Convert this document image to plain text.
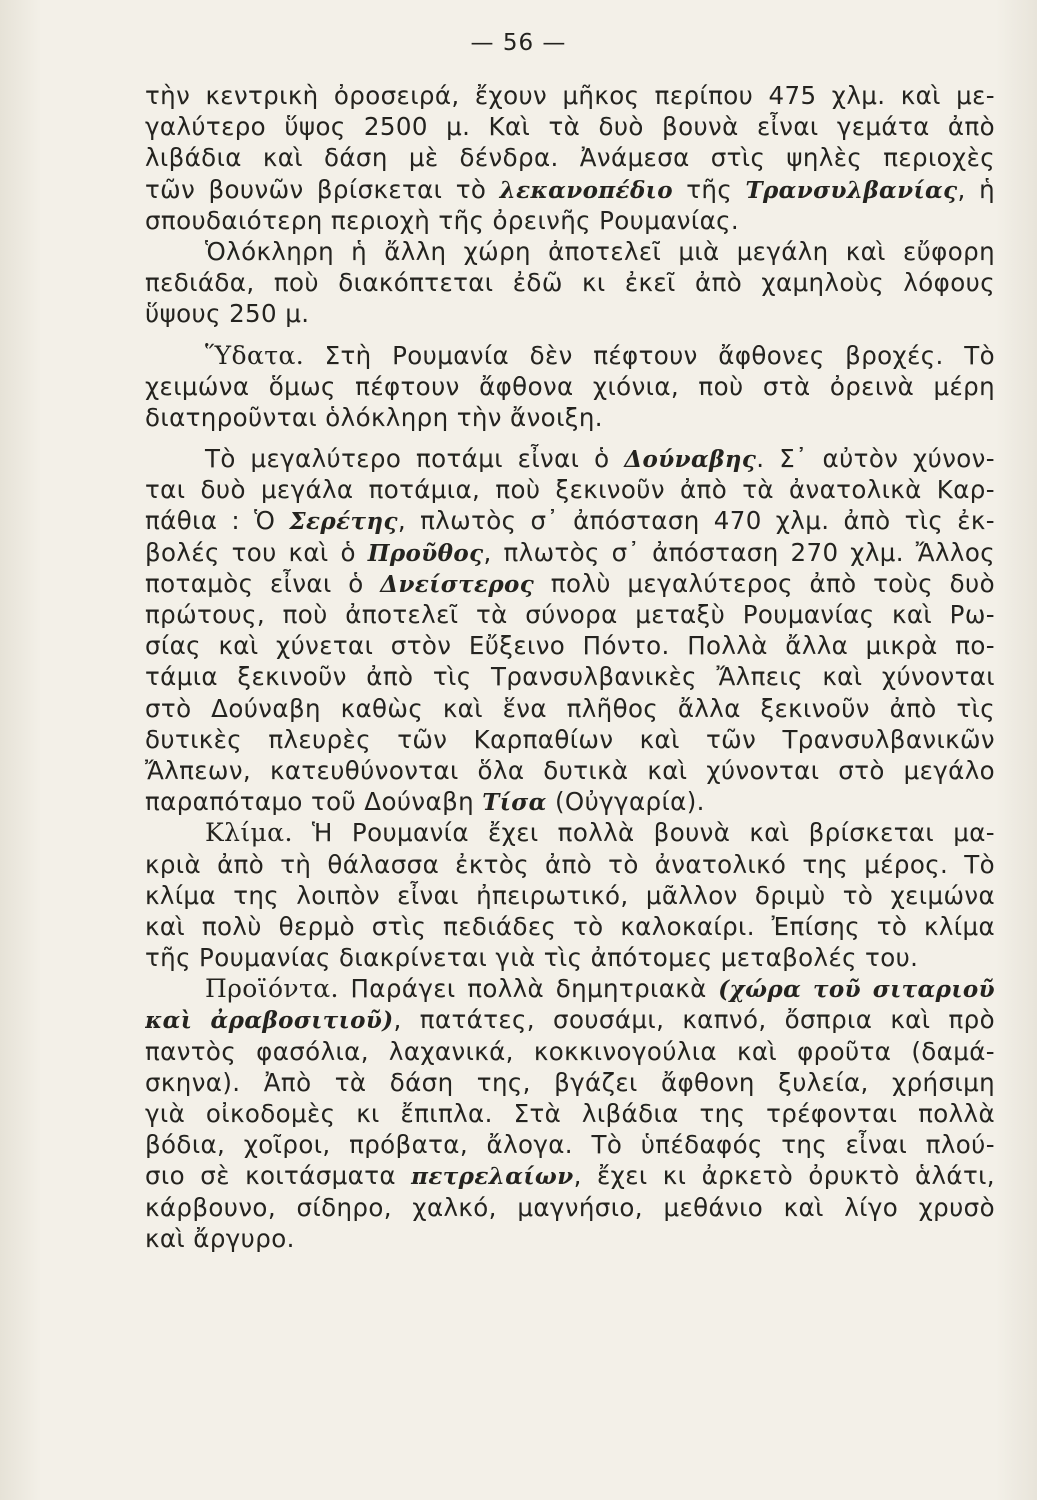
— 56 —
τὴν κεντρικὴ ὀροσειρά, ἔχουν μῆκος περίπου 475 χλμ. καὶ με-
γαλύτερο ὕψος 2500 μ. Καὶ τὰ δυὸ βουνὰ εἶναι γεμάτα ἀπὸ
λιβάδια καὶ δάση μὲ δένδρα. Ἀνάμεσα στὶς ψηλὲς περιοχὲς
τῶν βουνῶν βρίσκεται τὸ λεκανοπέδιο τῆς Τρανσυλβανίας, ἡ
σπουδαιότερη περιοχὴ τῆς ὀρεινῆς Ρουμανίας.
Ὁλόκληρη ἡ ἄλλη χώρη ἀποτελεῖ μιὰ μεγάλη καὶ εὔφορη
πεδιάδα, ποὺ διακόπτεται ἐδῶ κι ἐκεῖ ἀπὸ χαμηλοὺς λόφους
ὕψους 250 μ.
Ὕδατα. Στὴ Ρουμανία δὲν πέφτουν ἄφθονες βροχές. Τὸ
χειμώνα ὅμως πέφτουν ἄφθονα χιόνια, ποὺ στὰ ὀρεινὰ μέρη
διατηροῦνται ὁλόκληρη τὴν ἄνοιξη.
Τὸ μεγαλύτερο ποτάμι εἶναι ὁ Δούναβης. Σ᾽ αὐτὸν χύνον-
ται δυὸ μεγάλα ποτάμια, ποὺ ξεκινοῦν ἀπὸ τὰ ἀνατολικὰ Καρ-
πάθια : Ὁ Σερέτης, πλωτὸς σ᾽ ἀπόσταση 470 χλμ. ἀπὸ τὶς ἐκ-
βολές του καὶ ὁ Προῦθος, πλωτὸς σ᾽ ἀπόσταση 270 χλμ. Ἄλλος
ποταμὸς εἶναι ὁ Δνείστερος πολὺ μεγαλύτερος ἀπὸ τοὺς δυὸ
πρώτους, ποὺ ἀποτελεῖ τὰ σύνορα μεταξὺ Ρουμανίας καὶ Ρω-
σίας καὶ χύνεται στὸν Εὔξεινο Πόντο. Πολλὰ ἄλλα μικρὰ πο-
τάμια ξεκινοῦν ἀπὸ τὶς Τρανσυλβανικὲς Ἄλπεις καὶ χύνονται
στὸ Δούναβη καθὼς καὶ ἕνα πλῆθος ἄλλα ξεκινοῦν ἀπὸ τὶς
δυτικὲς πλευρὲς τῶν Καρπαθίων καὶ τῶν Τρανσυλβανικῶν
Ἄλπεων, κατευθύνονται ὅλα δυτικὰ καὶ χύνονται στὸ μεγάλο
παραπόταμο τοῦ Δούναβη Τίσα (Οὐγγαρία).
Κλίμα. Ἡ Ρουμανία ἔχει πολλὰ βουνὰ καὶ βρίσκεται μα-
κριὰ ἀπὸ τὴ θάλασσα ἐκτὸς ἀπὸ τὸ ἀνατολικό της μέρος. Τὸ
κλίμα της λοιπὸν εἶναι ἠπειρωτικό, μᾶλλον δριμὺ τὸ χειμώνα
καὶ πολὺ θερμὸ στὶς πεδιάδες τὸ καλοκαίρι. Ἐπίσης τὸ κλίμα
τῆς Ρουμανίας διακρίνεται γιὰ τὶς ἀπότομες μεταβολές του.
Προϊόντα. Παράγει πολλὰ δημητριακὰ (χώρα τοῦ σιταριοῦ
καὶ ἀραβοσιτιοῦ), πατάτες, σουσάμι, καπνό, ὄσπρια καὶ πρὸ
παντὸς φασόλια, λαχανικά, κοκκινογούλια καὶ φροῦτα (δαμά-
σκηνα). Ἀπὸ τὰ δάση της, βγάζει ἄφθονη ξυλεία, χρήσιμη
γιὰ οἰκοδομὲς κι ἔπιπλα. Στὰ λιβάδια της τρέφονται πολλὰ
βόδια, χοῖροι, πρόβατα, ἄλογα. Τὸ ὑπέδαφός της εἶναι πλού-
σιο σὲ κοιτάσματα πετρελαίων, ἔχει κι ἀρκετὸ ὀρυκτὸ ἁλάτι,
κάρβουνο, σίδηρο, χαλκό, μαγνήσιο, μεθάνιο καὶ λίγο χρυσὸ
καὶ ἄργυρο.
